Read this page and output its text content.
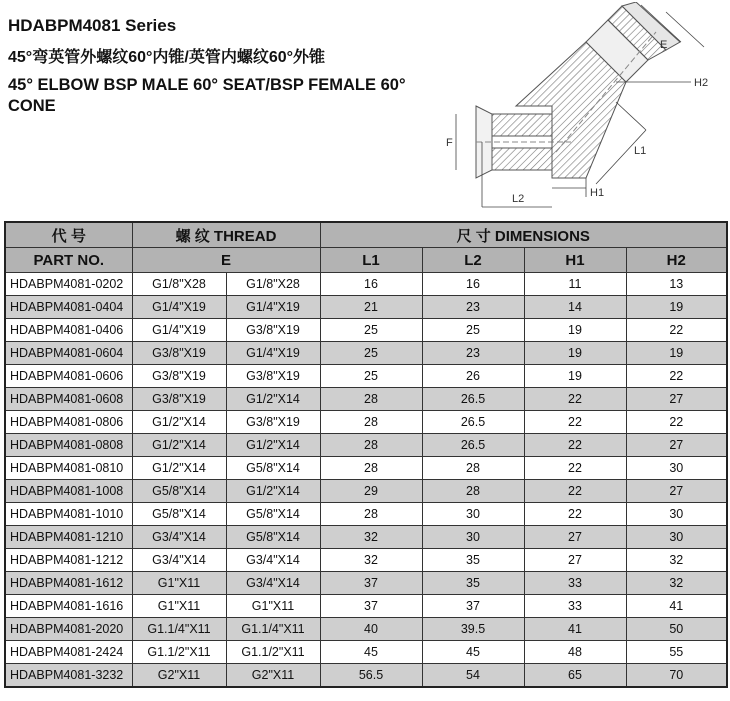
HDABPM4081 Series
45°弯英管外螺纹60°内锥/英管内螺纹60°外锥
45° ELBOW BSP MALE 60° SEAT/BSP FEMALE 60° CONE
E
H2
L1
F
H1
L2
代 号	螺 纹 THREAD		尺 寸 DIMENSIONS			
PART NO.	E		L1	L2	H1	H2
HDABPM4081-0202	G1/8"X28	G1/8"X28	16	16	11	13
HDABPM4081-0404	G1/4"X19	G1/4"X19	21	23	14	19
HDABPM4081-0406	G1/4"X19	G3/8"X19	25	25	19	22
HDABPM4081-0604	G3/8"X19	G1/4"X19	25	23	19	19
HDABPM4081-0606	G3/8"X19	G3/8"X19	25	26	19	22
HDABPM4081-0608	G3/8"X19	G1/2"X14	28	26.5	22	27
HDABPM4081-0806	G1/2"X14	G3/8"X19	28	26.5	22	22
HDABPM4081-0808	G1/2"X14	G1/2"X14	28	26.5	22	27
HDABPM4081-0810	G1/2"X14	G5/8"X14	28	28	22	30
HDABPM4081-1008	G5/8"X14	G1/2"X14	29	28	22	27
HDABPM4081-1010	G5/8"X14	G5/8"X14	28	30	22	30
HDABPM4081-1210	G3/4"X14	G5/8"X14	32	30	27	30
HDABPM4081-1212	G3/4"X14	G3/4"X14	32	35	27	32
HDABPM4081-1612	G1"X11	G3/4"X14	37	35	33	32
HDABPM4081-1616	G1"X11	G1"X11	37	37	33	41
HDABPM4081-2020	G1.1/4"X11	G1.1/4"X11	40	39.5	41	50
HDABPM4081-2424	G1.1/2"X11	G1.1/2"X11	45	45	48	55
HDABPM4081-3232	G2"X11	G2"X11	56.5	54	65	70
